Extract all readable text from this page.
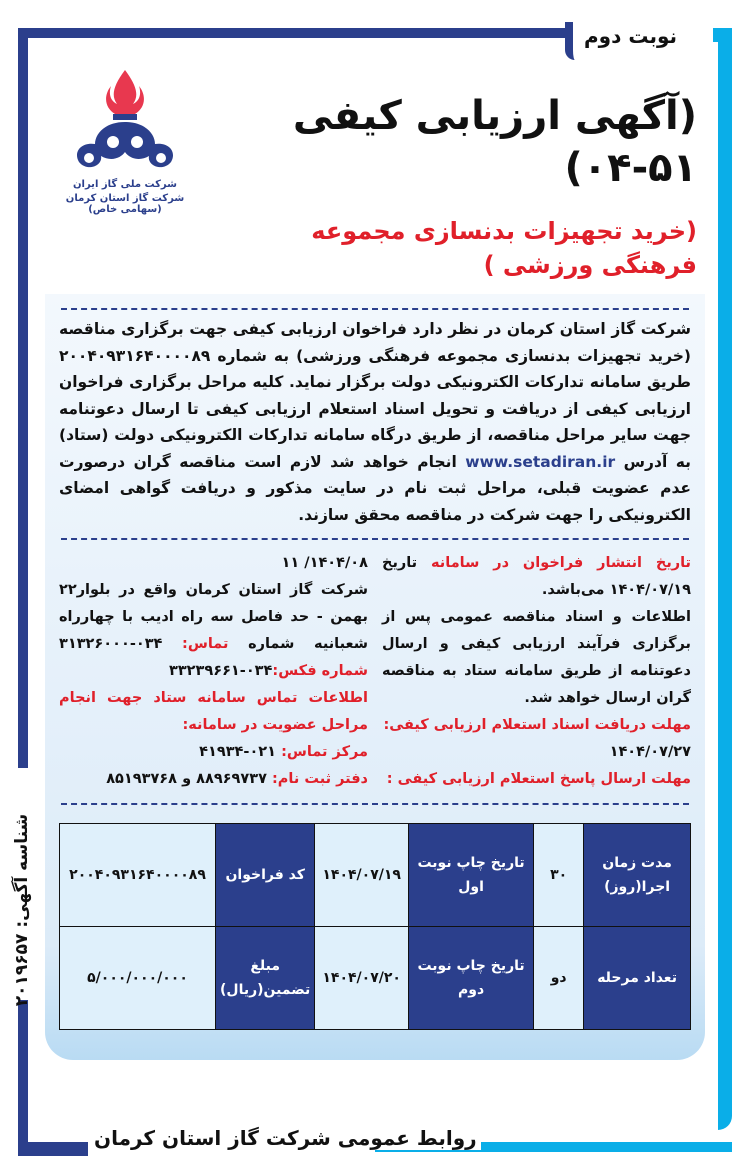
نوبت دوم
شناسه آگهی: ۲۰۱۹۶۵۷
شرکت ملی گاز ایران
شرکت گاز استان کرمان (سهامی خاص)
(آگهی ارزیابی کیفی ۵۱-۰۴)
(خرید تجهیزات بدنسازی مجموعه فرهنگی ورزشی )
شرکت گاز استان کرمان در نظر دارد فراخوان ارزیابی کیفی جهت برگزاری مناقصه (خرید تجهیزات بدنسازی مجموعه فرهنگی ورزشی) به شماره ۲۰۰۴۰۹۳۱۶۴۰۰۰۰۸۹ طریق سامانه تدارکات الکترونیکی دولت برگزار نماید. کلیه مراحل برگزاری فراخوان ارزیابی کیفی از دریافت و تحویل اسناد استعلام ارزیابی کیفی تا ارسال دعوتنامه جهت سایر مراحل مناقصه، از طریق درگاه سامانه تدارکات الکترونیکی دولت (ستاد) به آدرس www.setadiran.ir انجام خواهد شد لازم است مناقصه گران درصورت عدم عضویت قبلی، مراحل ثبت نام در سایت مذکور و دریافت گواهی امضای الکترونیکی را جهت شرکت در مناقصه محقق سازند.
تاریخ انتشار فراخوان در سامانه تاریخ ۱۴۰۴/۰۷/۱۹ می‌باشد.
اطلاعات و اسناد مناقصه عمومی پس از برگزاری فرآیند ارزیابی کیفی و ارسال دعوتنامه از طریق سامانه ستاد به مناقصه گران ارسال خواهد شد.
مهلت دریافت اسناد استعلام ارزیابی کیفی:
۱۴۰۴/۰۷/۲۷
مهلت ارسال پاسخ استعلام ارزیابی کیفی :
۱۴۰۴/۰۸/ ۱۱
شرکت گاز استان کرمان واقع در بلوار۲۲ بهمن - حد فاصل سه راه ادیب با چهارراه شعبانیه شماره تماس: ۰۳۴-۳۱۳۲۶۰۰۰ شماره فکس:۰۳۴-۳۳۲۳۹۶۶۱
اطلاعات تماس سامانه ستاد جهت انجام مراحل عضویت در سامانه:
مرکز تماس: ۰۲۱-۴۱۹۳۴
دفتر ثبت نام: ۸۸۹۶۹۷۳۷ و ۸۵۱۹۳۷۶۸
مدت زمان اجرا(روز)	۳۰	تاریخ چاپ نوبت اول	۱۴۰۴/۰۷/۱۹	کد فراخوان	۲۰۰۴۰۹۳۱۶۴۰۰۰۰۸۹
تعداد مرحله	دو	تاریخ چاپ نوبت دوم	۱۴۰۴/۰۷/۲۰	مبلغ تضمین(ریال)	۵/۰۰۰/۰۰۰/۰۰۰
روابط عمومی شرکت گاز استان کرمان
